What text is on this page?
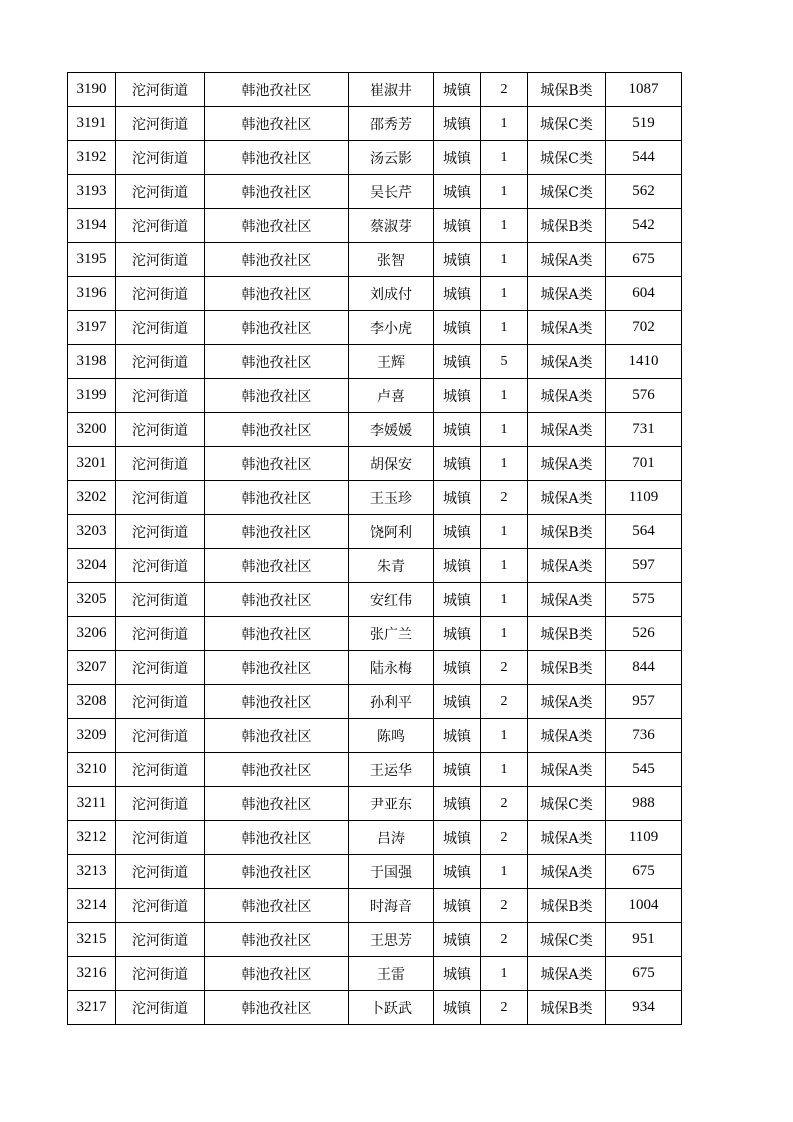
3190	沱河街道	韩池孜社区	崔淑井	城镇	2	城保B类	1087
3191	沱河街道	韩池孜社区	邵秀芳	城镇	1	城保C类	519
3192	沱河街道	韩池孜社区	汤云影	城镇	1	城保C类	544
3193	沱河街道	韩池孜社区	吴长芹	城镇	1	城保C类	562
3194	沱河街道	韩池孜社区	蔡淑芽	城镇	1	城保B类	542
3195	沱河街道	韩池孜社区	张智	城镇	1	城保A类	675
3196	沱河街道	韩池孜社区	刘成付	城镇	1	城保A类	604
3197	沱河街道	韩池孜社区	李小虎	城镇	1	城保A类	702
3198	沱河街道	韩池孜社区	王辉	城镇	5	城保A类	1410
3199	沱河街道	韩池孜社区	卢喜	城镇	1	城保A类	576
3200	沱河街道	韩池孜社区	李媛媛	城镇	1	城保A类	731
3201	沱河街道	韩池孜社区	胡保安	城镇	1	城保A类	701
3202	沱河街道	韩池孜社区	王玉珍	城镇	2	城保A类	1109
3203	沱河街道	韩池孜社区	饶阿利	城镇	1	城保B类	564
3204	沱河街道	韩池孜社区	朱青	城镇	1	城保A类	597
3205	沱河街道	韩池孜社区	安红伟	城镇	1	城保A类	575
3206	沱河街道	韩池孜社区	张广兰	城镇	1	城保B类	526
3207	沱河街道	韩池孜社区	陆永梅	城镇	2	城保B类	844
3208	沱河街道	韩池孜社区	孙利平	城镇	2	城保A类	957
3209	沱河街道	韩池孜社区	陈鸣	城镇	1	城保A类	736
3210	沱河街道	韩池孜社区	王运华	城镇	1	城保A类	545
3211	沱河街道	韩池孜社区	尹亚东	城镇	2	城保C类	988
3212	沱河街道	韩池孜社区	吕涛	城镇	2	城保A类	1109
3213	沱河街道	韩池孜社区	于国强	城镇	1	城保A类	675
3214	沱河街道	韩池孜社区	时海音	城镇	2	城保B类	1004
3215	沱河街道	韩池孜社区	王思芳	城镇	2	城保C类	951
3216	沱河街道	韩池孜社区	王雷	城镇	1	城保A类	675
3217	沱河街道	韩池孜社区	卜跃武	城镇	2	城保B类	934
